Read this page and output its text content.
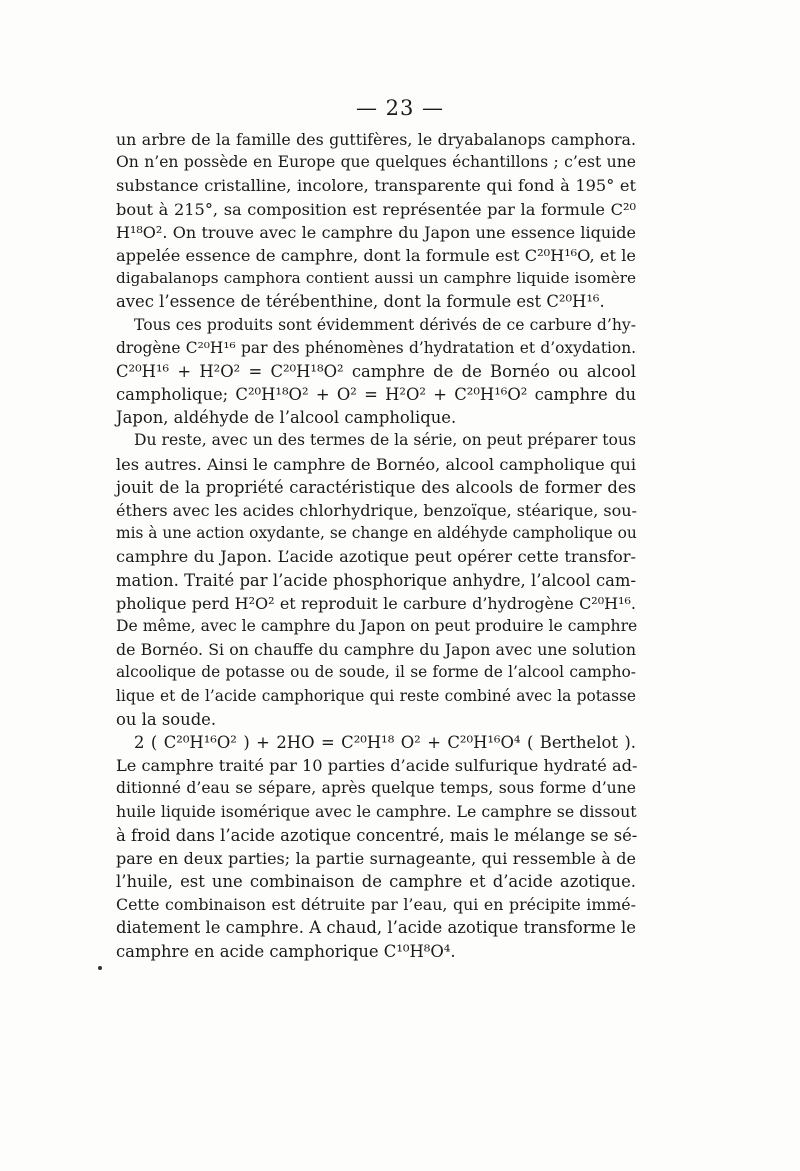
— 23 —
un arbre de la famille des guttifères, le dryabalanops camphora.
On n’en possède en Europe que quelques échantillons ; c’est une
substance cristalline, incolore, transparente qui fond à 195° et
bout à 215°, sa composition est représentée par la formule C²⁰
H¹⁸O². On trouve avec le camphre du Japon une essence liquide
appelée essence de camphre, dont la formule est C²⁰H¹⁶O, et le
digabalanops camphora contient aussi un camphre liquide isomère
avec l’essence de térébenthine, dont la formule est C²⁰H¹⁶.
Tous ces produits sont évidemment dérivés de ce carbure d’hy-
drogène C²⁰H¹⁶ par des phénomènes d’hydratation et d’oxydation.
C²⁰H¹⁶ + H²O² = C²⁰H¹⁸O² camphre de de Bornéo ou alcool
campholique; C²⁰H¹⁸O² + O² = H²O² + C²⁰H¹⁶O² camphre du
Japon, aldéhyde de l’alcool campholique.
Du reste, avec un des termes de la série, on peut préparer tous
les autres. Ainsi le camphre de Bornéo, alcool campholique qui
jouit de la propriété caractéristique des alcools de former des
éthers avec les acides chlorhydrique, benzoïque, stéarique, sou-
mis à une action oxydante, se change en aldéhyde campholique ou
camphre du Japon. L’acide azotique peut opérer cette transfor-
mation. Traité par l’acide phosphorique anhydre, l’alcool cam-
pholique perd H²O² et reproduit le carbure d’hydrogène C²⁰H¹⁶.
De même, avec le camphre du Japon on peut produire le camphre
de Bornéo. Si on chauffe du camphre du Japon avec une solution
alcoolique de potasse ou de soude, il se forme de l’alcool campho-
lique et de l’acide camphorique qui reste combiné avec la potasse
ou la soude.
2 ( C²⁰H¹⁶O² ) + 2HO = C²⁰H¹⁸ O² + C²⁰H¹⁶O⁴ ( Berthelot ).
Le camphre traité par 10 parties d’acide sulfurique hydraté ad-
ditionné d’eau se sépare, après quelque temps, sous forme d’une
huile liquide isomérique avec le camphre. Le camphre se dissout
à froid dans l’acide azotique concentré, mais le mélange se sé-
pare en deux parties; la partie surnageante, qui ressemble à de
l’huile, est une combinaison de camphre et d’acide azotique.
Cette combinaison est détruite par l’eau, qui en précipite immé-
diatement le camphre. A chaud, l’acide azotique transforme le
camphre en acide camphorique C¹⁰H⁸O⁴.
